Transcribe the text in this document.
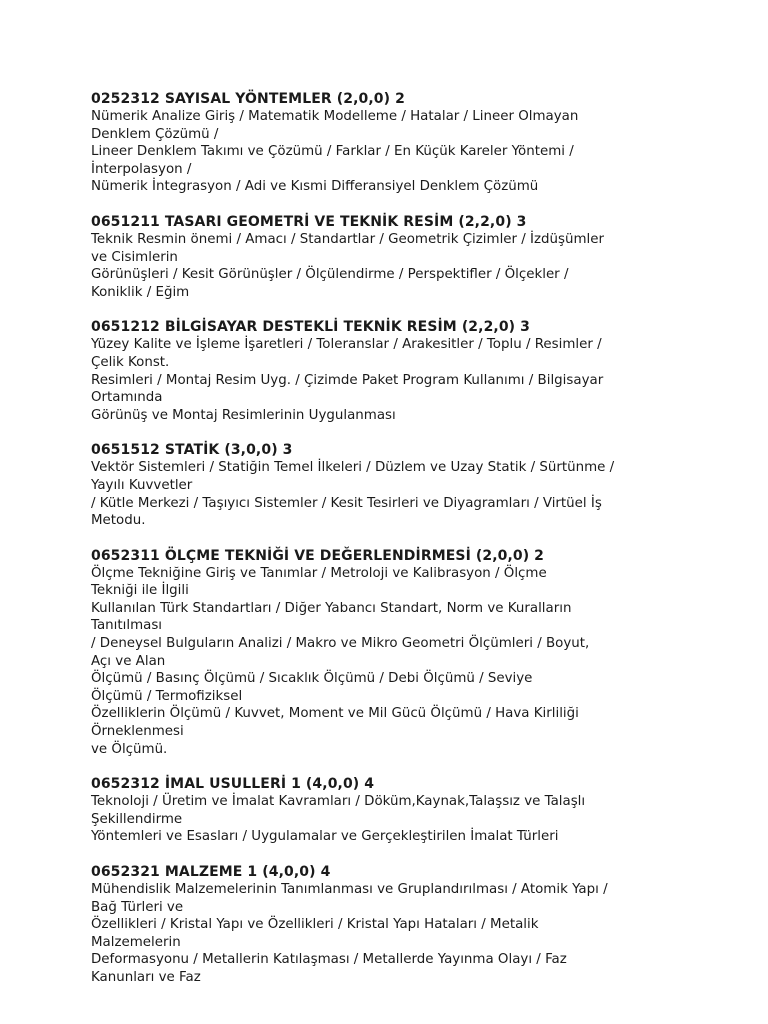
0252312 SAYISAL YÖNTEMLER (2,0,0) 2
Nümerik Analize Giriş / Matematik Modelleme / Hatalar / Lineer Olmayan
Denklem Çözümü /
Lineer Denklem Takımı ve Çözümü / Farklar / En Küçük Kareler Yöntemi /
İnterpolasyon /
Nümerik İntegrasyon / Adi ve Kısmi Differansiyel Denklem Çözümü
0651211 TASARI GEOMETRİ VE TEKNİK RESİM (2,2,0) 3
Teknik Resmin önemi / Amacı / Standartlar / Geometrik Çizimler / İzdüşümler
ve Cisimlerin
Görünüşleri / Kesit Görünüşler / Ölçülendirme / Perspektifler / Ölçekler /
Koniklik / Eğim
0651212 BİLGİSAYAR DESTEKLİ TEKNİK RESİM (2,2,0) 3
Yüzey Kalite ve İşleme İşaretleri / Toleranslar / Arakesitler / Toplu / Resimler /
Çelik Konst.
Resimleri / Montaj Resim Uyg. / Çizimde Paket Program Kullanımı / Bilgisayar
Ortamında
Görünüş ve Montaj Resimlerinin Uygulanması
0651512 STATİK (3,0,0) 3
Vektör Sistemleri / Statiğin Temel İlkeleri / Düzlem ve Uzay Statik / Sürtünme /
Yayılı Kuvvetler
/ Kütle Merkezi / Taşıyıcı Sistemler / Kesit Tesirleri ve Diyagramları / Virtüel İş
Metodu.
0652311 ÖLÇME TEKNİĞİ VE DEĞERLENDİRMESİ (2,0,0) 2
Ölçme Tekniğine Giriş ve Tanımlar / Metroloji ve Kalibrasyon / Ölçme
Tekniği ile İlgili
Kullanılan Türk Standartları / Diğer Yabancı Standart, Norm ve Kuralların
Tanıtılması
/ Deneysel Bulguların Analizi / Makro ve Mikro Geometri Ölçümleri / Boyut,
Açı ve Alan
Ölçümü / Basınç Ölçümü / Sıcaklık Ölçümü / Debi Ölçümü / Seviye
Ölçümü / Termofiziksel
Özelliklerin Ölçümü / Kuvvet, Moment ve Mil Gücü Ölçümü / Hava Kirliliği
Örneklenmesi
ve Ölçümü.
0652312 İMAL USULLERİ 1 (4,0,0) 4
Teknoloji / Üretim ve İmalat Kavramları / Döküm,Kaynak,Talaşsız ve Talaşlı
Şekillendirme
Yöntemleri ve Esasları / Uygulamalar ve Gerçekleştirilen İmalat Türleri
0652321 MALZEME 1 (4,0,0) 4
Mühendislik Malzemelerinin Tanımlanması ve Gruplandırılması / Atomik Yapı /
Bağ Türleri ve
Özellikleri / Kristal Yapı ve Özellikleri / Kristal Yapı Hataları / Metalik
Malzemelerin
Deformasyonu / Metallerin Katılaşması / Metallerde Yayınma Olayı / Faz
Kanunları ve Faz
